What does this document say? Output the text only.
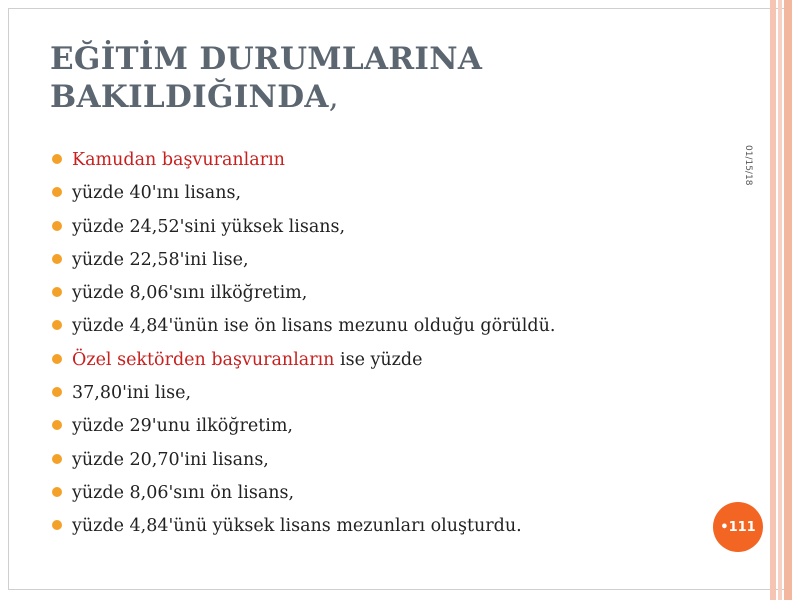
EĞİTİM DURUMLARINA
BAKILDIĞINDA,
Kamudan başvuranların
yüzde 40'ını lisans,
yüzde 24,52'sini yüksek lisans,
yüzde 22,58'ini lise,
yüzde 8,06'sını ilköğretim,
yüzde 4,84'ünün ise ön lisans mezunu olduğu görüldü.
Özel sektörden başvuranların ise yüzde
37,80'ini lise,
yüzde 29'unu ilköğretim,
yüzde 20,70'ini lisans,
yüzde 8,06'sını ön lisans,
yüzde 4,84'ünü yüksek lisans mezunları oluşturdu.
01/15/18
•111
